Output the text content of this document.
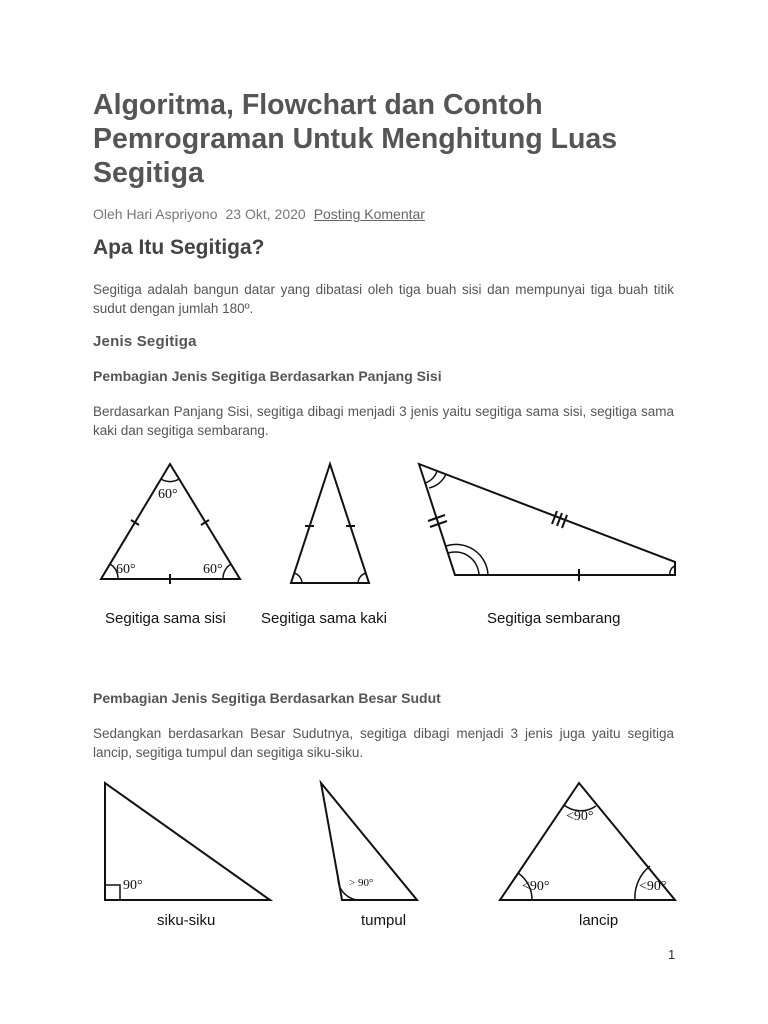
Algoritma, Flowchart dan Contoh Pemrograman Untuk Menghitung Luas Segitiga
Oleh Hari Aspriyono 23 Okt, 2020 Posting Komentar
Apa Itu Segitiga?

Segitiga adalah bangun datar yang dibatasi oleh tiga buah sisi dan mempunyai tiga buah titik sudut dengan jumlah 180º.

Jenis Segitiga
Pembagian Jenis Segitiga Berdasarkan Panjang Sisi

Berdasarkan Panjang Sisi, segitiga dibagi menjadi 3 jenis yaitu segitiga sama sisi, segitiga sama kaki dan segitiga sembarang.

60°
60°	60°
Segitiga sama sisi Segitiga sama kaki	Segitiga sembarang
Pembagian Jenis Segitiga Berdasarkan Besar Sudut

Sedangkan berdasarkan Besar Sudutnya, segitiga dibagi menjadi 3 jenis juga yaitu segitiga lancip, segitiga tumpul dan segitiga siku-siku.

90°	> 90°
<90°
<90°	<90°
siku-siku	tumpul	lancip
1
